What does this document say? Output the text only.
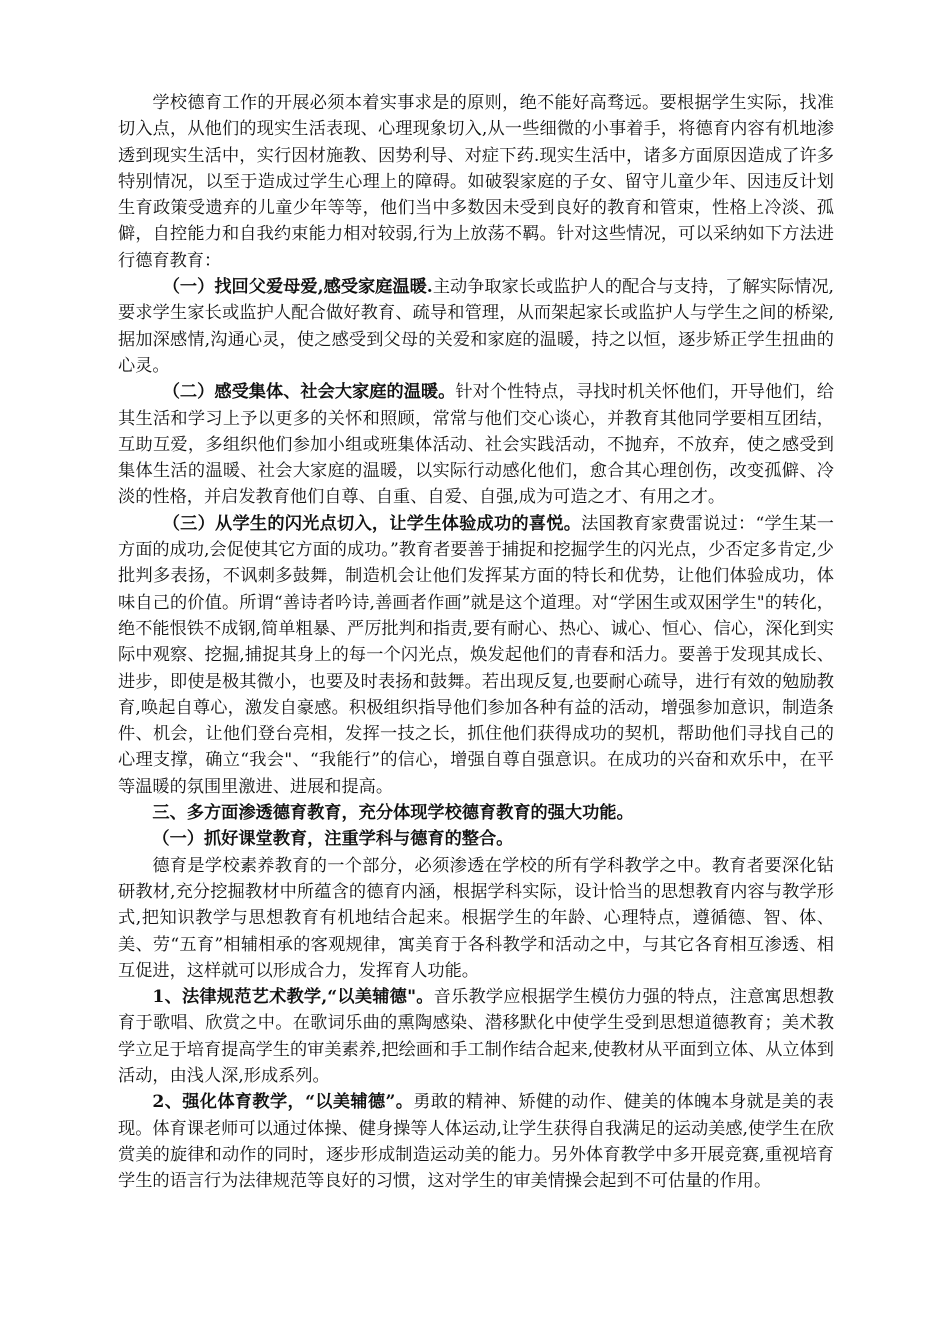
学校德育工作的开展必须本着实事求是的原则，绝不能好高骛远。要根据学生实际，找准切入点，从他们的现实生活表现、心理现象切入,从一些细微的小事着手，将德育内容有机地渗透到现实生活中，实行因材施教、因势利导、对症下药.现实生活中，诸多方面原因造成了许多特别情况，以至于造成过学生心理上的障碍。如破裂家庭的子女、留守儿童少年、因违反计划生育政策受遗弃的儿童少年等等，他们当中多数因未受到良好的教育和管束，性格上冷淡、孤僻，自控能力和自我约束能力相对较弱,行为上放荡不羁。针对这些情况，可以采纳如下方法进行德育教育：

（一）找回父爱母爱,感受家庭温暖.主动争取家长或监护人的配合与支持，了解实际情况,要求学生家长或监护人配合做好教育、疏导和管理，从而架起家长或监护人与学生之间的桥梁,据加深感情,沟通心灵，使之感受到父母的关爱和家庭的温暖，持之以恒，逐步矫正学生扭曲的心灵。

（二）感受集体、社会大家庭的温暖。针对个性特点，寻找时机关怀他们，开导他们，给其生活和学习上予以更多的关怀和照顾，常常与他们交心谈心，并教育其他同学要相互团结，互助互爱，多组织他们参加小组或班集体活动、社会实践活动，不抛弃，不放弃，使之感受到集体生活的温暖、社会大家庭的温暖，以实际行动感化他们，愈合其心理创伤，改变孤僻、冷淡的性格，并启发教育他们自尊、自重、自爱、自强,成为可造之才、有用之才。

（三）从学生的闪光点切入，让学生体验成功的喜悦。法国教育家费雷说过：“学生某一方面的成功,会促使其它方面的成功。”教育者要善于捕捉和挖掘学生的闪光点，少否定多肯定,少批判多表扬，不讽刺多鼓舞，制造机会让他们发挥某方面的特长和优势，让他们体验成功，体味自己的价值。所谓“善诗者吟诗,善画者作画”就是这个道理。对“学困生或双困学生"的转化，绝不能恨铁不成钢,简单粗暴、严厉批判和指责,要有耐心、热心、诚心、恒心、信心，深化到实际中观察、挖掘,捕捉其身上的每一个闪光点，焕发起他们的青春和活力。要善于发现其成长、进步，即使是极其微小，也要及时表扬和鼓舞。若出现反复,也要耐心疏导，进行有效的勉励教育,唤起自尊心，激发自豪感。积极组织指导他们参加各种有益的活动，增强参加意识，制造条件、机会，让他们登台亮相，发挥一技之长，抓住他们获得成功的契机，帮助他们寻找自己的心理支撑，确立“我会"、“我能行”的信心，增强自尊自强意识。在成功的兴奋和欢乐中，在平等温暖的氛围里激进、进展和提高。

三、多方面渗透德育教育，充分体现学校德育教育的强大功能。

（一）抓好课堂教育，注重学科与德育的整合。

德育是学校素养教育的一个部分，必须渗透在学校的所有学科教学之中。教育者要深化钻研教材,充分挖掘教材中所蕴含的德育内涵，根据学科实际，设计恰当的思想教育内容与教学形式,把知识教学与思想教育有机地结合起来。根据学生的年龄、心理特点，遵循德、智、体、美、劳“五育”相辅相承的客观规律，寓美育于各科教学和活动之中，与其它各育相互渗透、相互促进，这样就可以形成合力，发挥育人功能。

1、法律规范艺术教学,“以美辅德"。音乐教学应根据学生模仿力强的特点，注意寓思想教育于歌唱、欣赏之中。在歌词乐曲的熏陶感染、潜移默化中使学生受到思想道德教育；美术教学立足于培育提高学生的审美素养,把绘画和手工制作结合起来,使教材从平面到立体、从立体到活动，由浅人深,形成系列。

2、强化体育教学，“以美辅德”。勇敢的精神、矫健的动作、健美的体魄本身就是美的表现。体育课老师可以通过体操、健身操等人体运动,让学生获得自我满足的运动美感,使学生在欣赏美的旋律和动作的同时，逐步形成制造运动美的能力。另外体育教学中多开展竞赛,重视培育学生的语言行为法律规范等良好的习惯，这对学生的审美情操会起到不可估量的作用。
